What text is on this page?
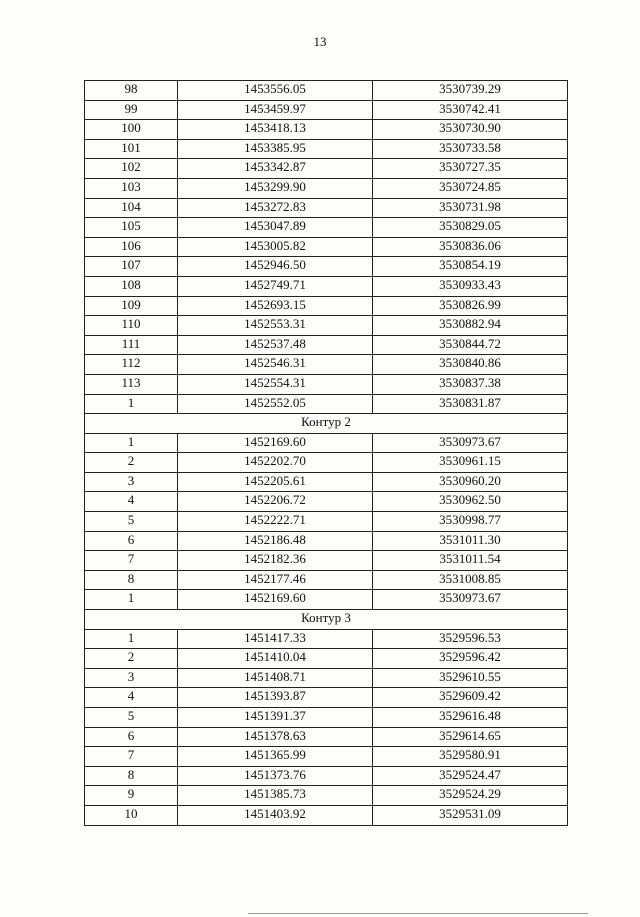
13
98	1453556.05	3530739.29
99	1453459.97	3530742.41
100	1453418.13	3530730.90
101	1453385.95	3530733.58
102	1453342.87	3530727.35
103	1453299.90	3530724.85
104	1453272.83	3530731.98
105	1453047.89	3530829.05
106	1453005.82	3530836.06
107	1452946.50	3530854.19
108	1452749.71	3530933.43
109	1452693.15	3530826.99
110	1452553.31	3530882.94
111	1452537.48	3530844.72
112	1452546.31	3530840.86
113	1452554.31	3530837.38
1	1452552.05	3530831.87
Контур 2		
1	1452169.60	3530973.67
2	1452202.70	3530961.15
3	1452205.61	3530960.20
4	1452206.72	3530962.50
5	1452222.71	3530998.77
6	1452186.48	3531011.30
7	1452182.36	3531011.54
8	1452177.46	3531008.85
1	1452169.60	3530973.67
Контур 3		
1	1451417.33	3529596.53
2	1451410.04	3529596.42
3	1451408.71	3529610.55
4	1451393.87	3529609.42
5	1451391.37	3529616.48
6	1451378.63	3529614.65
7	1451365.99	3529580.91
8	1451373.76	3529524.47
9	1451385.73	3529524.29
10	1451403.92	3529531.09
